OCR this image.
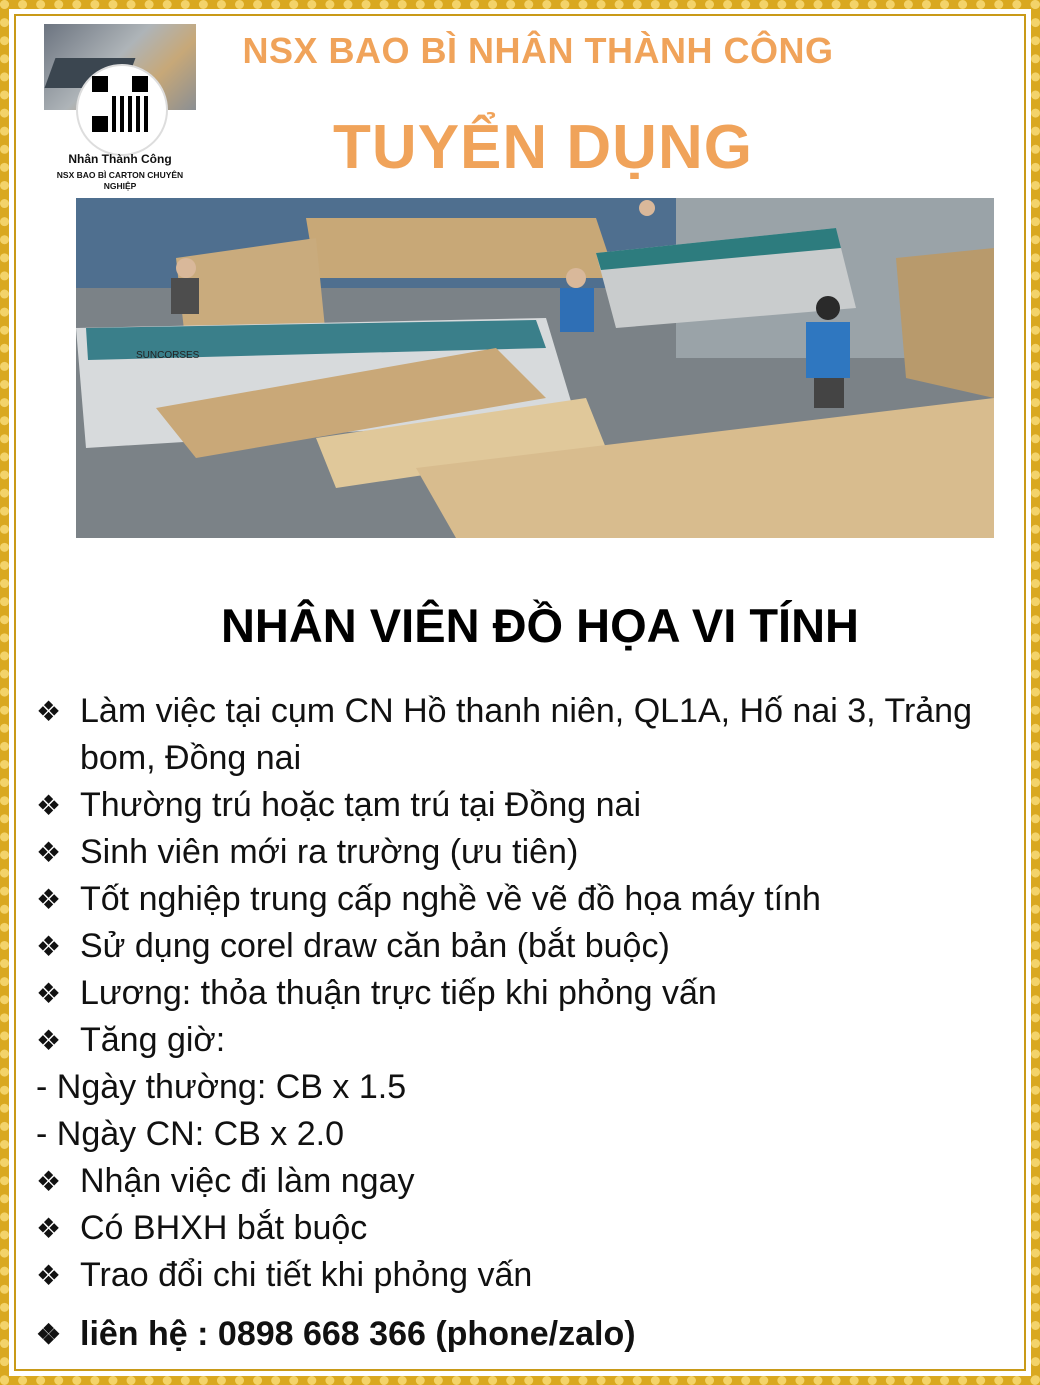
Nhân Thành Công
NSX BAO BÌ CARTON CHUYÊN NGHIỆP
NSX BAO BÌ NHÂN THÀNH CÔNG
TUYỂN DỤNG
SUNCORSES
NHÂN VIÊN ĐỒ HỌA VI TÍNH
❖ Làm việc tại cụm CN Hồ thanh niên, QL1A, Hố nai 3, Trảng bom, Đồng nai
❖ Thường trú hoặc tạm trú tại Đồng nai
❖ Sinh viên mới ra trường (ưu tiên)
❖ Tốt nghiệp trung cấp nghề về vẽ đồ họa máy tính
❖ Sử dụng corel draw căn bản (bắt buộc)
❖ Lương: thỏa thuận trực tiếp khi phỏng vấn
❖ Tăng giờ:
- Ngày thường: CB x 1.5
- Ngày CN: CB x 2.0
❖ Nhận việc đi làm ngay
❖ Có BHXH bắt buộc
❖ Trao đổi chi tiết khi phỏng vấn
❖ liên hệ : 0898 668 366 (phone/zalo)
